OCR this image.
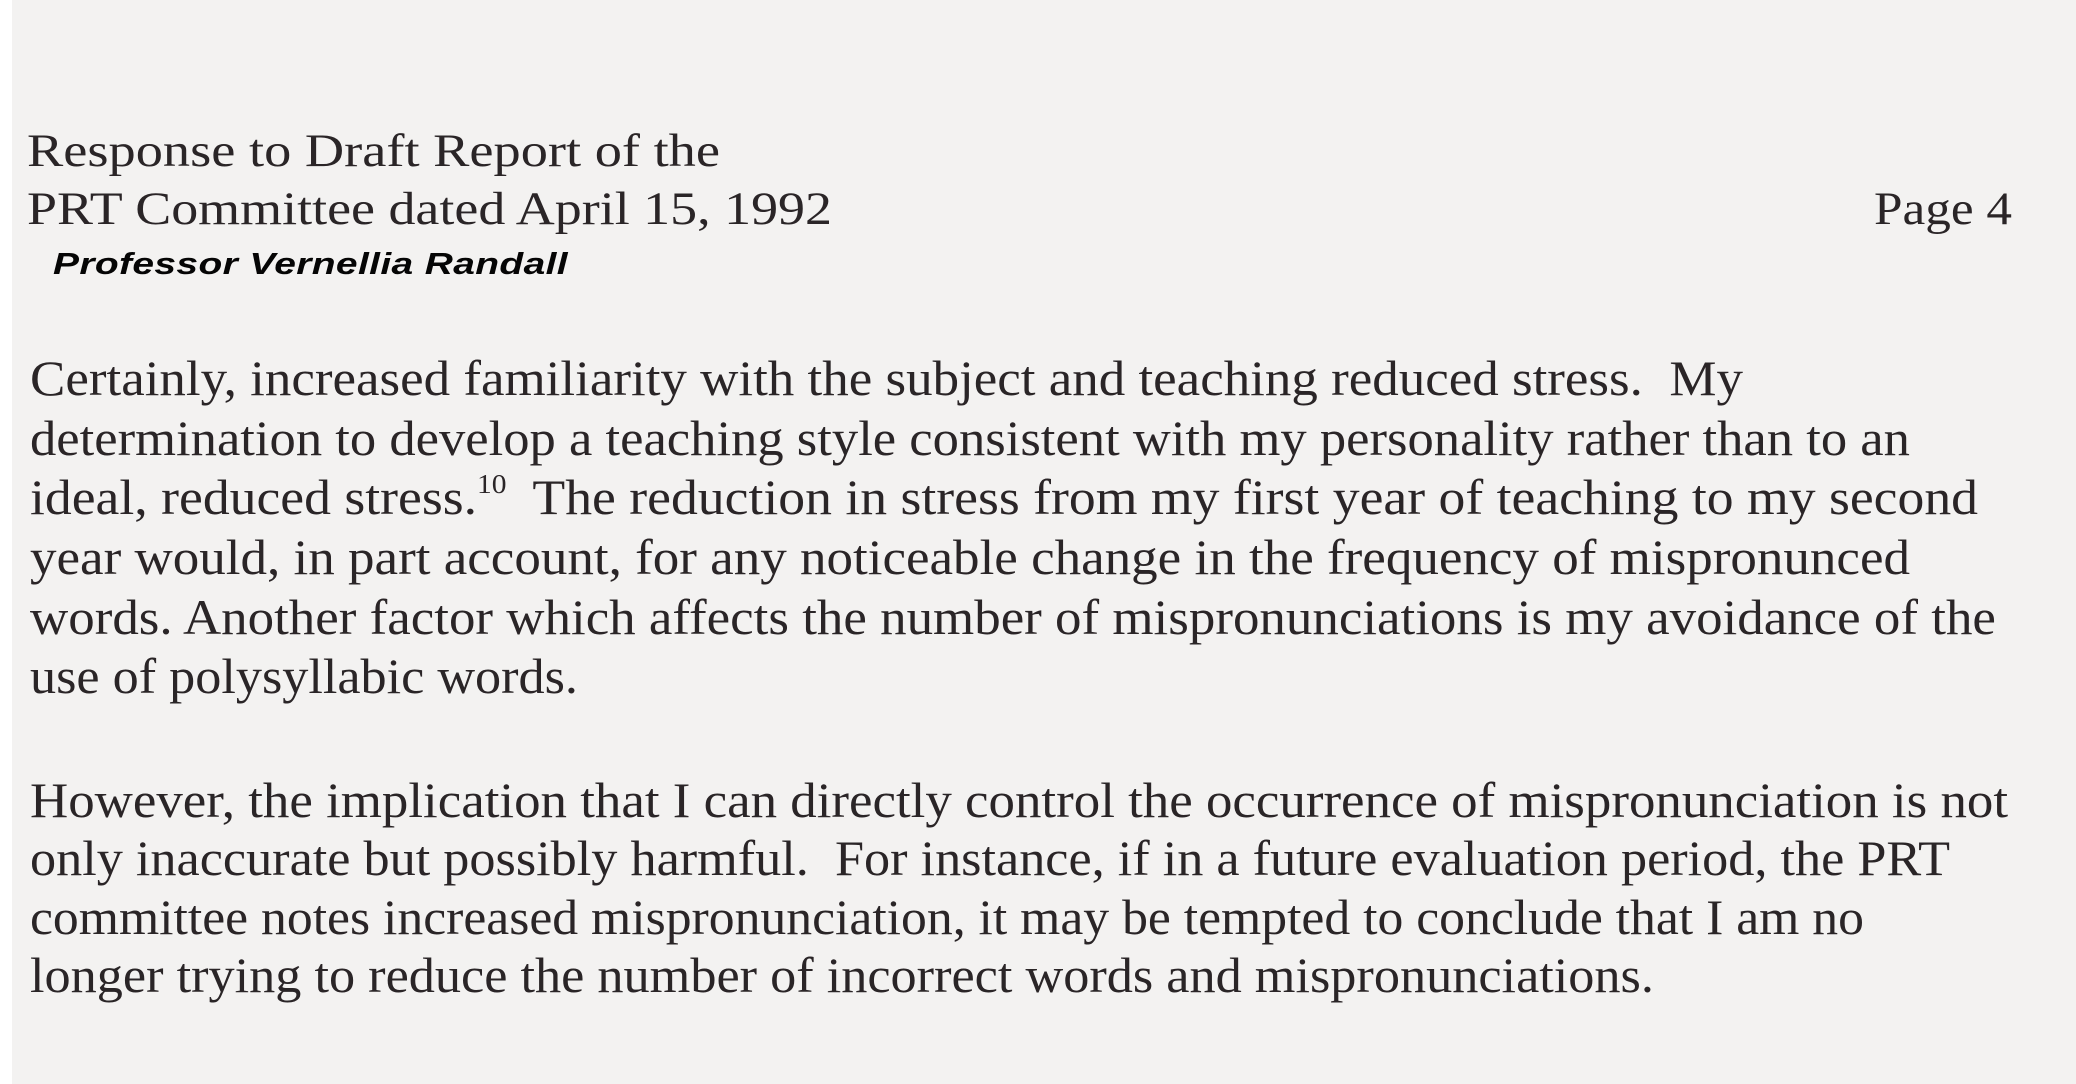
Response to Draft Report of the
PRT Committee dated April 15, 1992	Page 4
Professor Vernellia Randall
Certainly, increased familiarity with the subject and teaching reduced stress.  My
determination to develop a teaching style consistent with my personality rather than to an
ideal, reduced stress.$^{10}$  The reduction in stress from my first year of teaching to my second
year would, in part account, for any noticeable change in the frequency of mispronunced
words. Another factor which affects the number of mispronunciations is my avoidance of the
use of polysyllabic words.
However, the implication that I can directly control the occurrence of mispronunciation is not
only inaccurate but possibly harmful.  For instance, if in a future evaluation period, the PRT
committee notes increased mispronunciation, it may be tempted to conclude that I am no
longer trying to reduce the number of incorrect words and mispronunciations.
